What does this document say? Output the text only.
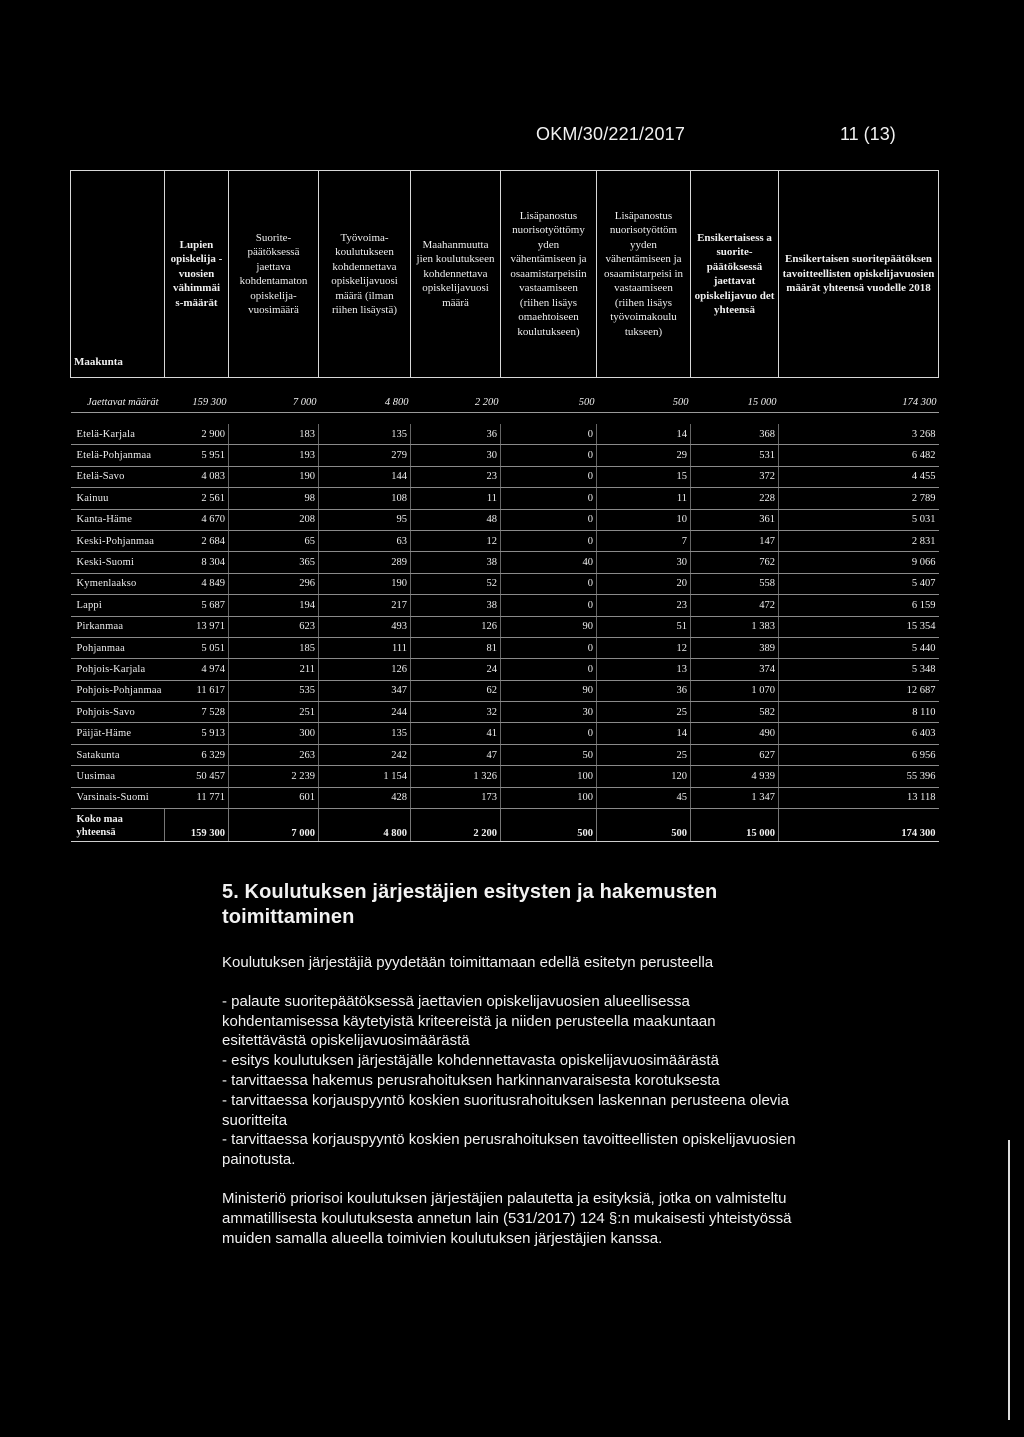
OKM/30/221/2017	11 (13)
Maakunta	Lupien opiskelija -vuosien vähimmäi s-määrät	Suorite-päätöksessä jaettava kohdentamaton opiskelija-vuosimäärä	Työvoima-koulutukseen kohdennettava opiskelijavuosi määrä (ilman riihen lisäystä)	Maahanmuutta jien koulutukseen kohdennettava opiskelijavuosi määrä	Lisäpanostus nuorisotyöttömy yden vähentämiseen ja osaamistarpeisiin vastaamiseen (riihen lisäys omaehtoiseen koulutukseen)	Lisäpanostus nuorisotyöttöm yyden vähentämiseen ja osaamistarpeisi in vastaamiseen (riihen lisäys työvoimakoulu tukseen)	Ensikertaisess a suorite-päätöksessä jaettavat opiskelijavuo det yhteensä	Ensikertaisen suoritepäätöksen tavoitteellisten opiskelijavuosien määrät yhteensä vuodelle 2018

Jaettavat määrät	159 300	7 000	4 800	2 200	500	500	15 000	174 300

Etelä-Karjala	2 900	183	135	36	0	14	368	3 268
Etelä-Pohjanmaa	5 951	193	279	30	0	29	531	6 482
Etelä-Savo	4 083	190	144	23	0	15	372	4 455
Kainuu	2 561	98	108	11	0	11	228	2 789
Kanta-Häme	4 670	208	95	48	0	10	361	5 031
Keski-Pohjanmaa	2 684	65	63	12	0	7	147	2 831
Keski-Suomi	8 304	365	289	38	40	30	762	9 066
Kymenlaakso	4 849	296	190	52	0	20	558	5 407
Lappi	5 687	194	217	38	0	23	472	6 159
Pirkanmaa	13 971	623	493	126	90	51	1 383	15 354
Pohjanmaa	5 051	185	111	81	0	12	389	5 440
Pohjois-Karjala	4 974	211	126	24	0	13	374	5 348
Pohjois-Pohjanmaa	11 617	535	347	62	90	36	1 070	12 687
Pohjois-Savo	7 528	251	244	32	30	25	582	8 110
Päijät-Häme	5 913	300	135	41	0	14	490	6 403
Satakunta	6 329	263	242	47	50	25	627	6 956
Uusimaa	50 457	2 239	1 154	1 326	100	120	4 939	55 396
Varsinais-Suomi	11 771	601	428	173	100	45	1 347	13 118
Koko maa
yhteensä	159 300	7 000	4 800	2 200	500	500	15 000	174 300
5. Koulutuksen järjestäjien esitysten ja hakemusten
toimittaminen

Koulutuksen järjestäjiä pyydetään toimittamaan edellä esitetyn perusteella

- palaute suoritepäätöksessä jaettavien opiskelijavuosien alueellisessa

kohdentamisessa käytetyistä kriteereistä ja niiden perusteella maakuntaan

esitettävästä opiskelijavuosimäärästä

- esitys koulutuksen järjestäjälle kohdennettavasta opiskelijavuosimäärästä

- tarvittaessa hakemus perusrahoituksen harkinnanvaraisesta korotuksesta

- tarvittaessa korjauspyyntö koskien suoritusrahoituksen laskennan perusteena olevia

suoritteita

- tarvittaessa korjauspyyntö koskien perusrahoituksen tavoitteellisten opiskelijavuosien

painotusta.

Ministeriö priorisoi koulutuksen järjestäjien palautetta ja esityksiä, jotka on valmisteltu

ammatillisesta koulutuksesta annetun lain (531/2017) 124 §:n mukaisesti yhteistyössä

muiden samalla alueella toimivien koulutuksen järjestäjien kanssa.
